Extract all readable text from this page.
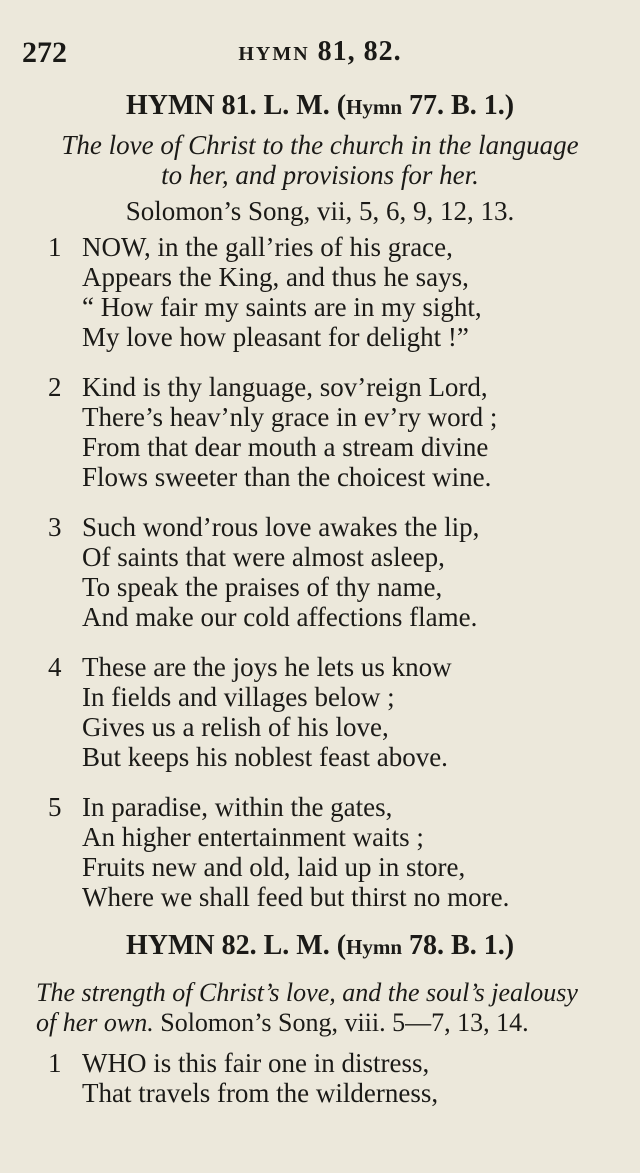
272	HYMN 81, 82.
HYMN 81. L. M. (Hymn 77. B. 1.)
The love of Christ to the church in the language
to her, and provisions for her.
Solomon’s Song, vii, 5, 6, 9, 12, 13.
1 NOW, in the gall’ries of his grace,
Appears the King, and thus he says,
“ How fair my saints are in my sight,
My love how pleasant for delight !”
2 Kind is thy language, sov’reign Lord,
There’s heav’nly grace in ev’ry word ;
From that dear mouth a stream divine
Flows sweeter than the choicest wine.
3 Such wond’rous love awakes the lip,
Of saints that were almost asleep,
To speak the praises of thy name,
And make our cold affections flame.
4 These are the joys he lets us know
In fields and villages below ;
Gives us a relish of his love,
But keeps his noblest feast above.
5 In paradise, within the gates,
An higher entertainment waits ;
Fruits new and old, laid up in store,
Where we shall feed but thirst no more.
HYMN 82. L. M. (Hymn 78. B. 1.)
The strength of Christ’s love, and the soul’s jealousy
of her own. Solomon’s Song, viii. 5—7, 13, 14.
1 WHO is this fair one in distress,
That travels from the wilderness,
